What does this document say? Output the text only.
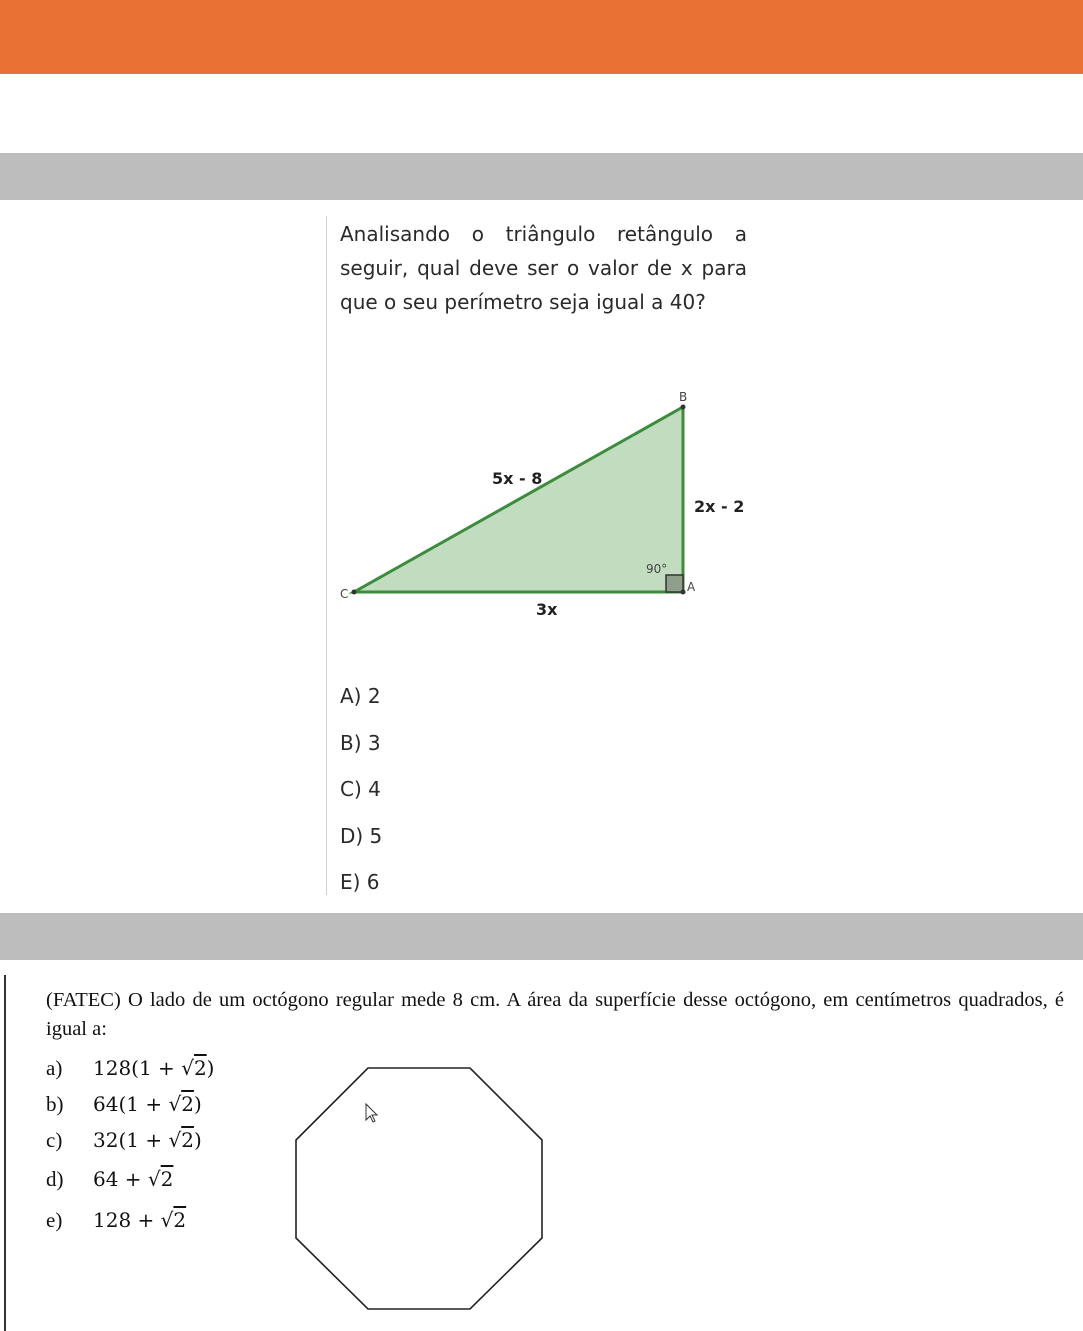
Analisando o triângulo retângulo a seguir, qual deve ser o valor de x para que o seu perímetro seja igual a 40?

B
C	A
90°
5x - 8
2x - 2
3x
A) 2
B) 3
C) 4
D) 5
E) 6

(FATEC) O lado de um octógono regular mede 8 cm. A área da superfície desse octógono, em centímetros quadrados, é igual a:

a) 128(1 + √2)
b) 64(1 + √2)
c) 32(1 + √2)
d) 64 + √2
e) 128 + √2
